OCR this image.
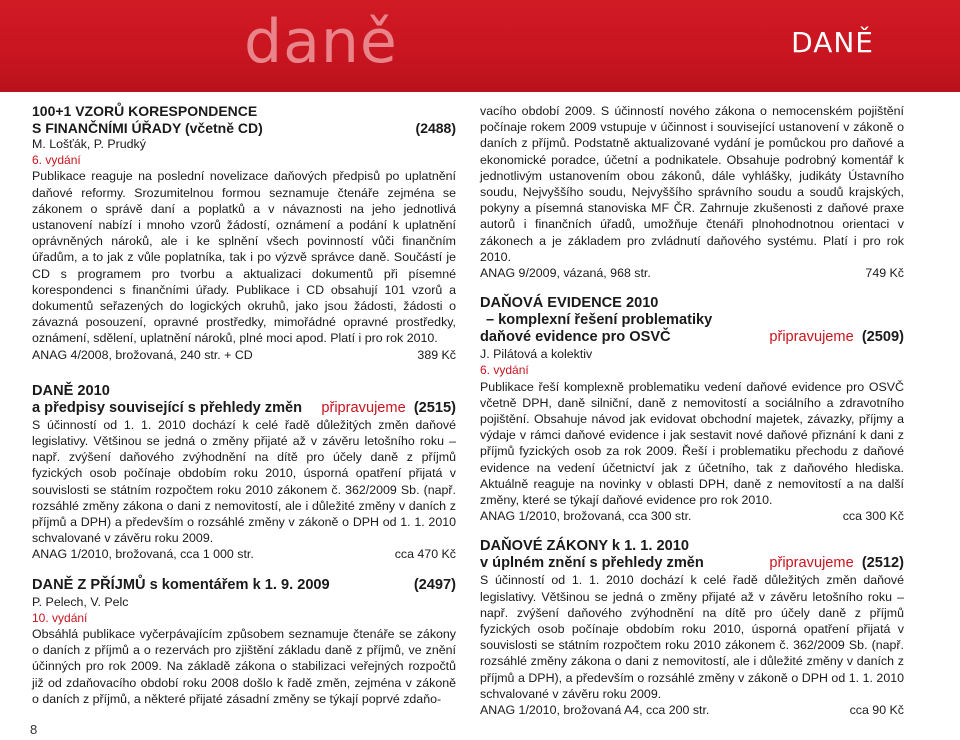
daně	DANĚ
100+1 VZORŮ KORESPONDENCE
S FINANČNÍMI ÚŘADY (včetně CD)	(2488)
M. Lošťák, P. Prudký
6. vydání
Publikace reaguje na poslední novelizace daňových předpisů po uplatnění daňové reformy. Srozumitelnou formou seznamuje čtenáře zejména se zákonem o správě daní a poplatků a v návaznosti na jeho jednotlivá ustanovení nabízí i mnoho vzorů žádostí, oznámení a podání k uplatnění oprávněných nároků, ale i ke splnění všech povinností vůči finančním úřadům, a to jak z vůle poplatníka, tak i po výzvě správce daně. Součástí je CD s programem pro tvorbu a aktualizaci dokumentů při písemné korespondenci s finančními úřady. Publikace i CD obsahují 101 vzorů a dokumentů seřazených do logických okruhů, jako jsou žádosti, žádosti o závazná posouzení, opravné prostředky, mimořádné opravné prostředky, oznámení, sdělení, uplatnění nároků, plné moci apod. Platí i pro rok 2010.
ANAG 4/2008, brožovaná, 240 str. + CD	389 Kč
DANĚ 2010
a předpisy související s přehledy změn připravujeme (2515)
S účinností od 1. 1. 2010 dochází k celé řadě důležitých změn daňové legislativy. Většinou se jedná o změny přijaté až v závěru letošního roku – např. zvýšení daňového zvýhodnění na dítě pro účely daně z příjmů fyzických osob počínaje obdobím roku 2010, úsporná opatření přijatá v souvislosti se státním rozpočtem roku 2010 zákonem č. 362/2009 Sb. (např. rozsáhlé změny zákona o dani z nemovitostí, ale i důležité změny v daních z příjmů a DPH) a především o rozsáhlé změny v zákoně o DPH od 1. 1. 2010 schvalované v závěru roku 2009.
ANAG 1/2010, brožovaná, cca 1 000 str.	cca 470 Kč
DANĚ Z PŘÍJMŮ s komentářem k 1. 9. 2009	(2497)
P. Pelech, V. Pelc
10. vydání
Obsáhlá publikace vyčerpávajícím způsobem seznamuje čtenáře se zákony o daních z příjmů a o rezervách pro zjištění základu daně z příjmů, ve znění účinných pro rok 2009. Na základě zákona o stabilizaci veřejných rozpočtů již od zdaňovacího období roku 2008 došlo k řadě změn, zejména v zákoně o daních z příjmů, a některé přijaté zásadní změny se týkají poprvé zdaňo-
vacího období 2009. S účinností nového zákona o nemocenském pojištění počínaje rokem 2009 vstupuje v účinnost i související ustanovení v zákoně o daních z příjmů. Podstatně aktualizované vydání je pomůckou pro daňové a ekonomické poradce, účetní a podnikatele. Obsahuje podrobný komentář k jednotlivým ustanovením obou zákonů, dále vyhlášky, judikáty Ústavního soudu, Nejvyššího soudu, Nejvyššího správního soudu a soudů krajských, pokyny a písemná stanoviska MF ČR. Zahrnuje zkušenosti z daňové praxe autorů i finančních úřadů, umožňuje čtenáři plnohodnotnou orientaci v zákonech a je základem pro zvládnutí daňového systému. Platí i pro rok 2010.
ANAG 9/2009, vázaná, 968 str.	749 Kč
DAŇOVÁ EVIDENCE 2010
– komplexní řešení problematiky
daňové evidence pro OSVČ	připravujeme (2509)
J. Pilátová a kolektiv
6. vydání
Publikace řeší komplexně problematiku vedení daňové evidence pro OSVČ včetně DPH, daně silniční, daně z nemovitostí a sociálního a zdravotního pojištění. Obsahuje návod jak evidovat obchodní majetek, závazky, příjmy a výdaje v rámci daňové evidence i jak sestavit nové daňové přiznání k dani z příjmů fyzických osob za rok 2009. Řeší i problematiku přechodu z daňové evidence na vedení účetnictví jak z účetního, tak z daňového hlediska. Aktuálně reaguje na novinky v oblasti DPH, daně z nemovitostí a na další změny, které se týkají daňové evidence pro rok 2010.
ANAG 1/2010, brožovaná, cca 300 str.	cca 300 Kč
DAŇOVÉ ZÁKONY k 1. 1. 2010
v úplném znění s přehledy změn	připravujeme (2512)
S účinností od 1. 1. 2010 dochází k celé řadě důležitých změn daňové legislativy. Většinou se jedná o změny přijaté až v závěru letošního roku – např. zvýšení daňového zvýhodnění na dítě pro účely daně z příjmů fyzických osob počínaje obdobím roku 2010, úsporná opatření přijatá v souvislosti se státním rozpočtem roku 2010 zákonem č. 362/2009 Sb. (např. rozsáhlé změny zákona o dani z nemovitostí, ale i důležité změny v daních z příjmů a DPH), a především o rozsáhlé změny v zákoně o DPH od 1. 1. 2010 schvalované v závěru roku 2009.
ANAG 1/2010, brožovaná A4, cca 200 str.	cca 90 Kč
8
